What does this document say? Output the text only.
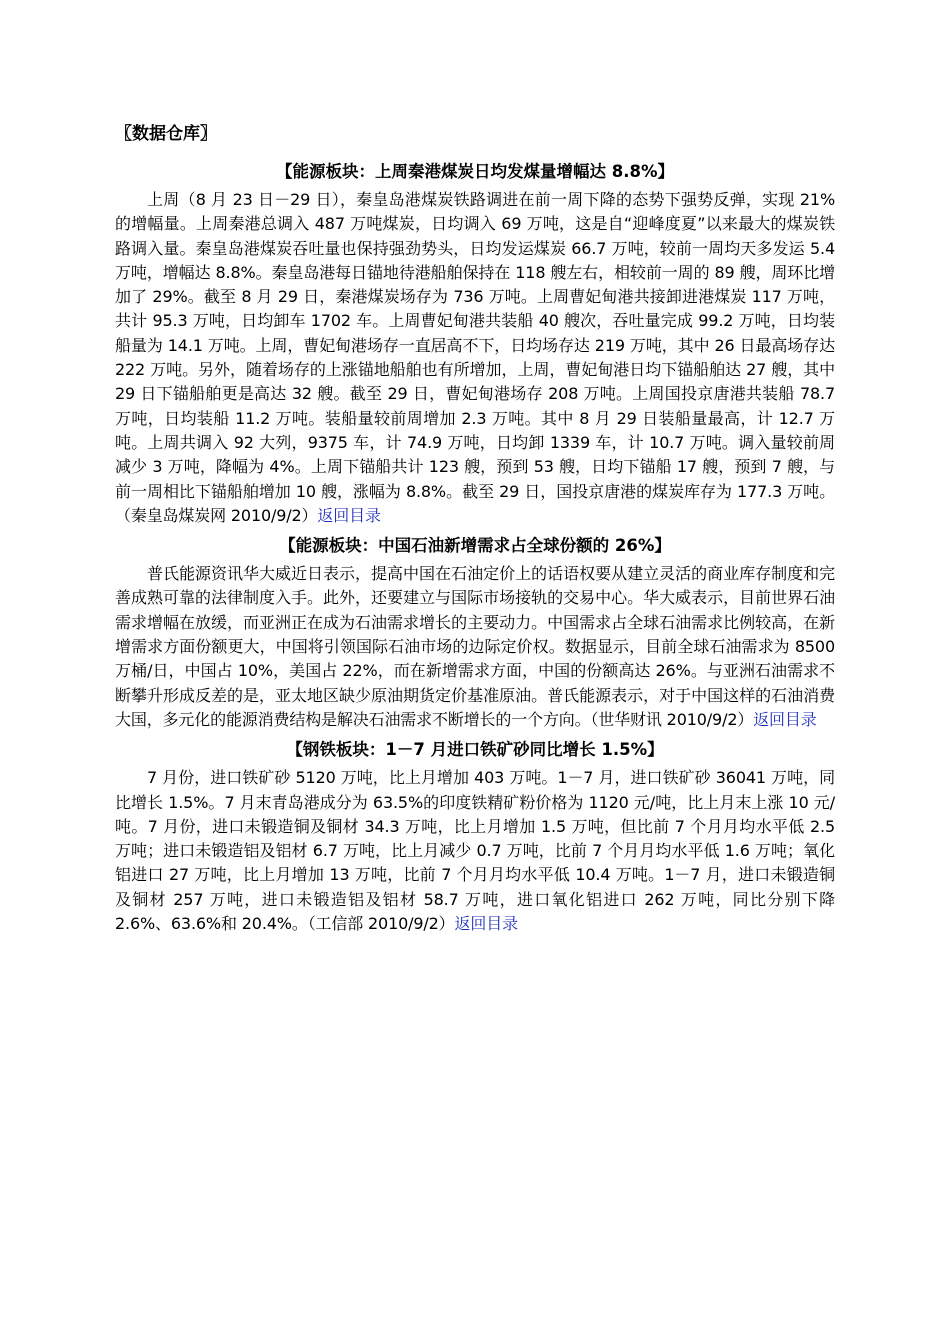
〖数据仓库〗
【能源板块：上周秦港煤炭日均发煤量增幅达 8.8%】

上周（8 月 23 日－29 日），秦皇岛港煤炭铁路调进在前一周下降的态势下强势反弹，实现 21%的增幅量。上周秦港总调入 487 万吨煤炭，日均调入 69 万吨，这是自“迎峰度夏”以来最大的煤炭铁路调入量。秦皇岛港煤炭吞吐量也保持强劲势头，日均发运煤炭 66.7 万吨，较前一周均天多发运 5.4 万吨，增幅达 8.8%。秦皇岛港每日锚地待港船舶保持在 118 艘左右，相较前一周的 89 艘，周环比增加了 29%。截至 8 月 29 日，秦港煤炭场存为 736 万吨。上周曹妃甸港共接卸进港煤炭 117 万吨，共计 95.3 万吨，日均卸车 1702 车。上周曹妃甸港共装船 40 艘次，吞吐量完成 99.2 万吨，日均装船量为 14.1 万吨。上周，曹妃甸港场存一直居高不下，日均场存达 219 万吨，其中 26 日最高场存达 222 万吨。另外，随着场存的上涨锚地船舶也有所增加，上周，曹妃甸港日均下锚船舶达 27 艘，其中 29 日下锚船舶更是高达 32 艘。截至 29 日，曹妃甸港场存 208 万吨。上周国投京唐港共装船 78.7 万吨，日均装船 11.2 万吨。装船量较前周增加 2.3 万吨。其中 8 月 29 日装船量最高，计 12.7 万吨。上周共调入 92 大列，9375 车，计 74.9 万吨，日均卸 1339 车，计 10.7 万吨。调入量较前周减少 3 万吨，降幅为 4%。上周下锚船共计 123 艘，预到 53 艘，日均下锚船 17 艘，预到 7 艘，与前一周相比下锚船舶增加 10 艘，涨幅为 8.8%。截至 29 日，国投京唐港的煤炭库存为 177.3 万吨。（秦皇岛煤炭网 2010/9/2）返回目录

【能源板块：中国石油新增需求占全球份额的 26%】

普氏能源资讯华大威近日表示，提高中国在石油定价上的话语权要从建立灵活的商业库存制度和完善成熟可靠的法律制度入手。此外，还要建立与国际市场接轨的交易中心。华大威表示，目前世界石油需求增幅在放缓，而亚洲正在成为石油需求增长的主要动力。中国需求占全球石油需求比例较高，在新增需求方面份额更大，中国将引领国际石油市场的边际定价权。数据显示，目前全球石油需求为 8500 万桶/日，中国占 10%，美国占 22%，而在新增需求方面，中国的份额高达 26%。与亚洲石油需求不断攀升形成反差的是，亚太地区缺少原油期货定价基准原油。普氏能源表示，对于中国这样的石油消费大国，多元化的能源消费结构是解决石油需求不断增长的一个方向。（世华财讯 2010/9/2）返回目录

【钢铁板块：1－7 月进口铁矿砂同比增长 1.5%】

7 月份，进口铁矿砂 5120 万吨，比上月增加 403 万吨。1－7 月，进口铁矿砂 36041 万吨，同比增长 1.5%。7 月末青岛港成分为 63.5%的印度铁精矿粉价格为 1120 元/吨，比上月末上涨 10 元/吨。7 月份，进口未锻造铜及铜材 34.3 万吨，比上月增加 1.5 万吨，但比前 7 个月月均水平低 2.5 万吨；进口未锻造铝及铝材 6.7 万吨，比上月减少 0.7 万吨，比前 7 个月月均水平低 1.6 万吨；氧化铝进口 27 万吨，比上月增加 13 万吨，比前 7 个月月均水平低 10.4 万吨。1－7 月，进口未锻造铜及铜材 257 万吨，进口未锻造铝及铝材 58.7 万吨，进口氧化铝进口 262 万吨，同比分别下降 2.6%、63.6%和 20.4%。（工信部 2010/9/2）返回目录
